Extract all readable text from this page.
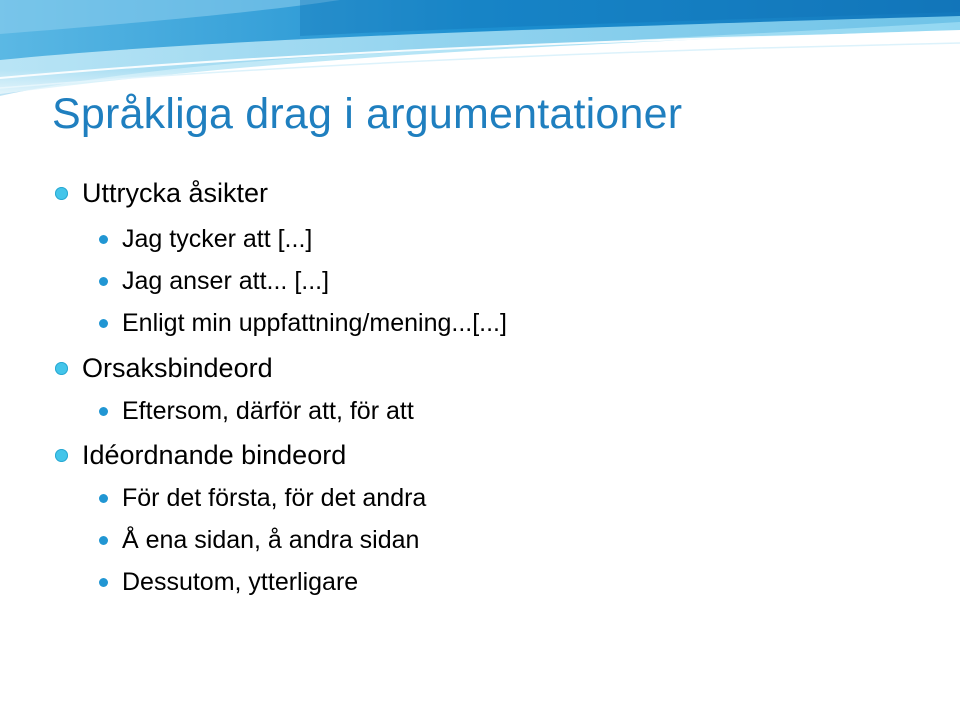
Språkliga drag i argumentationer
Uttrycka åsikter
Jag tycker att [...]
Jag anser att... [...]
Enligt min uppfattning/mening...[...]
Orsaksbindeord
Eftersom, därför att, för att
Idéordnande bindeord
För det första, för det andra
Å ena sidan, å andra sidan
Dessutom, ytterligare
